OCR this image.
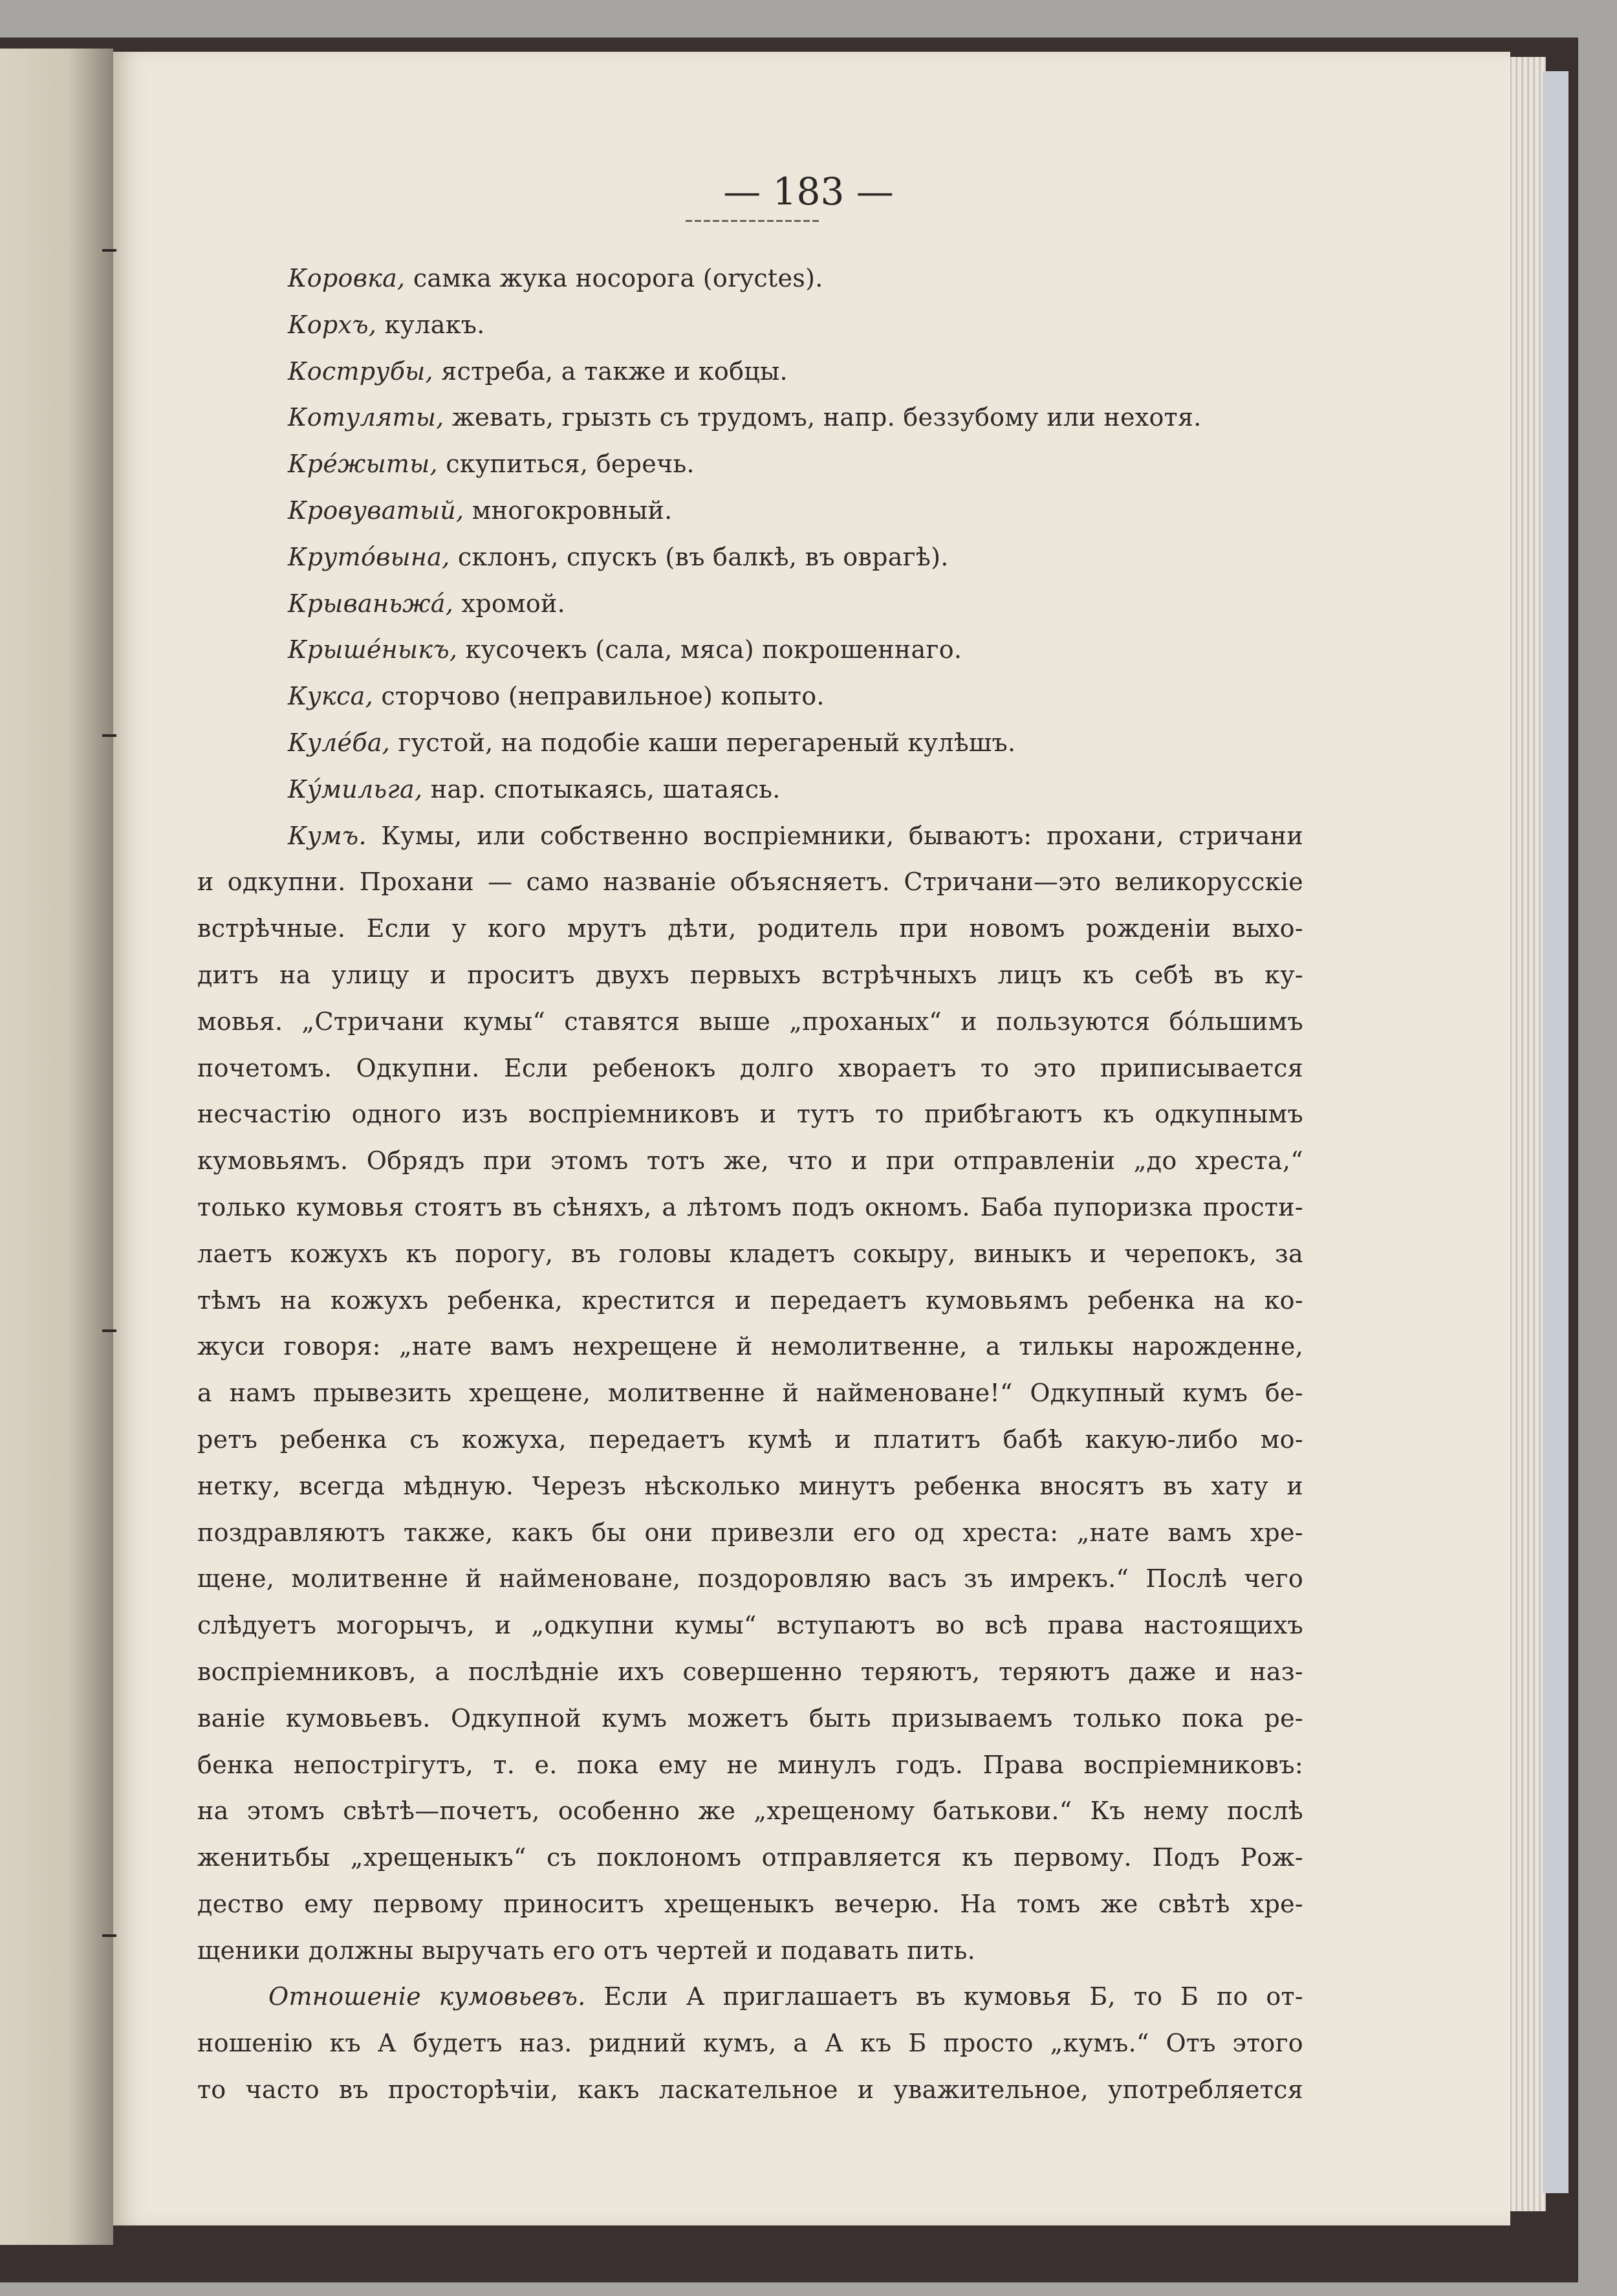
— 183 —
Коровка, самка жука носорога (oryctes).
Корхъ, кулакъ.
Кострубы, ястреба, а также и кобцы.
Котуляты, жевать, грызть съ трудомъ, напр. беззубому или нехотя.
Крéжыты, скупиться, беречь.
Кровуватый, многокровный.
Крутóвына, склонъ, спускъ (въ балкѣ, въ оврагѣ).
Крываньжá, хромой.
Крышéныкъ, кусочекъ (сала, мяса) покрошеннаго.
Кукса, сторчово (неправильное) копыто.
Кулéба, густой, на подобіе каши перегареный кулѣшъ.
Кýмильга, нар. спотыкаясь, шатаясь.
Кумъ. Кумы, или собственно воспріемники, бываютъ: прохани, стричани
и одкупни. Прохани — само названіе объясняетъ. Стричани—это великорусскіе
встрѣчные. Если у кого мрутъ дѣти, родитель при новомъ рожденіи выхо-
дитъ на улицу и проситъ двухъ первыхъ встрѣчныхъ лицъ къ себѣ въ ку-
мовья. „Стричани кумы“ ставятся выше „проханых“ и пользуются бóльшимъ
почетомъ. Одкупни. Если ребенокъ долго хвораетъ то это приписывается
несчастію одного изъ воспріемниковъ и тутъ то прибѣгаютъ къ одкупнымъ
кумовьямъ. Обрядъ при этомъ тотъ же, что и при отправленіи „до хреста,“
только кумовья стоятъ въ сѣняхъ, а лѣтомъ подъ окномъ. Баба пупоризка прости-
лаетъ кожухъ къ порогу, въ головы кладетъ сокыру, виныкъ и черепокъ, за
тѣмъ на кожухъ ребенка, крестится и передаетъ кумовьямъ ребенка на ко-
жуси говоря: „нате вамъ нехрещене й немолитвенне, а тилькы нарожденне,
а намъ прывезить хрещене, молитвенне й найменоване!“ Одкупный кумъ бе-
ретъ ребенка съ кожуха, передаетъ кумѣ и платитъ бабѣ какую-либо мо-
нетку, всегда мѣдную. Черезъ нѣсколько минутъ ребенка вносятъ въ хату и
поздравляютъ также, какъ бы они привезли его од хреста: „нате вамъ хре-
щене, молитвенне й найменоване, поздоровляю васъ зъ имрекъ.“ Послѣ чего
слѣдуетъ могорычъ, и „одкупни кумы“ вступаютъ во всѣ права настоящихъ
воспріемниковъ, а послѣдніе ихъ совершенно теряютъ, теряютъ даже и наз-
ваніе кумовьевъ. Одкупной кумъ можетъ быть призываемъ только пока ре-
бенка непострігутъ, т. е. пока ему не минулъ годъ. Права воспріемниковъ:
на этомъ свѣтѣ—почетъ, особенно же „хрещеному батькови.“ Къ нему послѣ
женитьбы „хрещеныкъ“ съ поклономъ отправляется къ первому. Подъ Рож-
дество ему первому приноситъ хрещеныкъ вечерю. На томъ же свѣтѣ хре-
щеники должны выручать его отъ чертей и подавать пить.
Отношеніе кумовьевъ. Если А приглашаетъ въ кумовья Б, то Б по от-
ношенію къ А будетъ наз. ридний кумъ, а А къ Б просто „кумъ.“ Отъ этого
то часто въ просторѣчіи, какъ ласкательное и уважительное, употребляется
